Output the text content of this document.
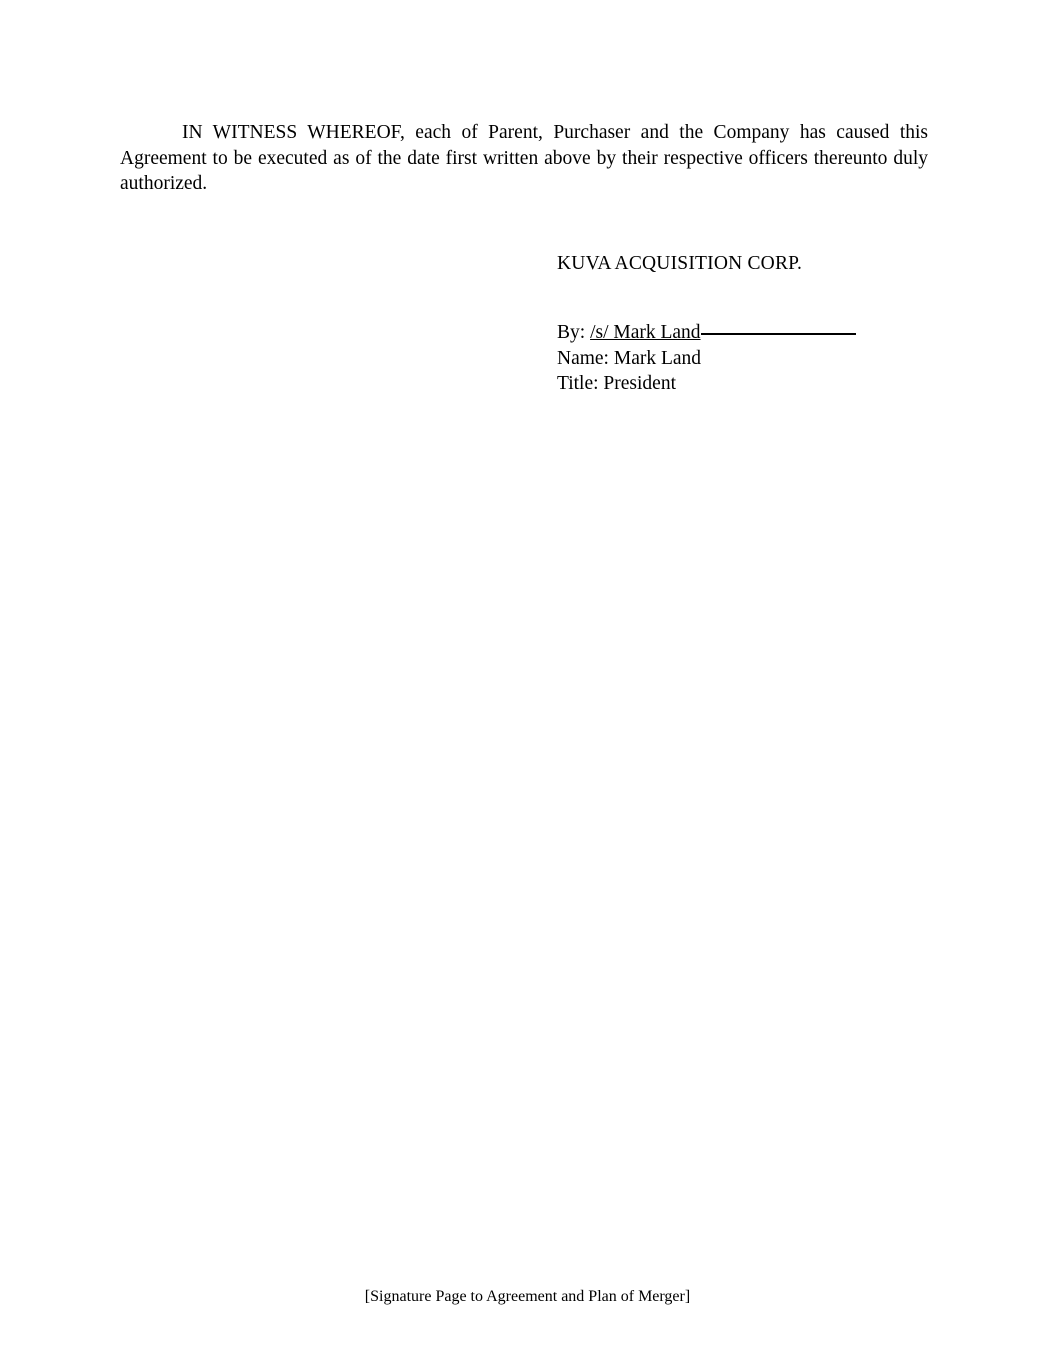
IN WITNESS WHEREOF, each of Parent, Purchaser and the Company has caused this Agreement to be executed as of the date first written above by their respective officers thereunto duly authorized.

KUVA ACQUISITION CORP.
By: /s/ Mark Land
Name: Mark Land
Title: President
[Signature Page to Agreement and Plan of Merger]
